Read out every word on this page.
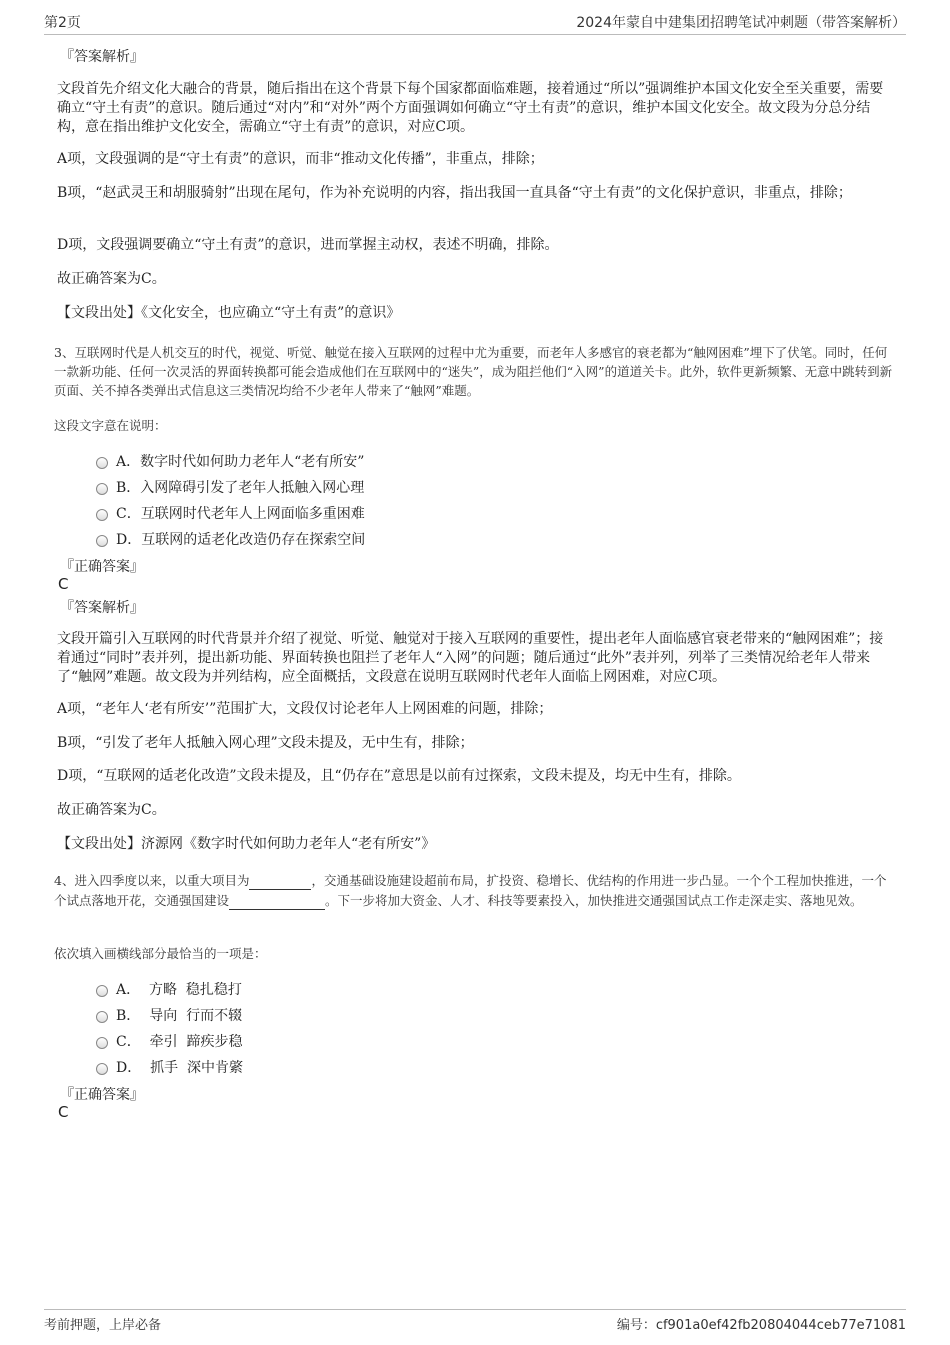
第2页	2024年蒙自中建集团招聘笔试冲刺题（带答案解析）
『答案解析』
文段首先介绍文化大融合的背景，随后指出在这个背景下每个国家都面临难题，接着通过“所以”强调维护本国文化安全至关重要，需要确立“守土有责”的意识。随后通过“对内”和“对外”两个方面强调如何确立“守土有责”的意识，维护本国文化安全。故文段为分总分结构，意在指出维护文化安全，需确立“守土有责”的意识，对应C项。
A项，文段强调的是“守土有责”的意识，而非“推动文化传播”，非重点，排除；
B项，“赵武灵王和胡服骑射”出现在尾句，作为补充说明的内容，指出我国一直具备“守土有责”的文化保护意识，非重点，排除；
D项，文段强调要确立“守土有责”的意识，进而掌握主动权，表述不明确，排除。
故正确答案为C。
【文段出处】《文化安全，也应确立“守土有责”的意识》
3、互联网时代是人机交互的时代，视觉、听觉、触觉在接入互联网的过程中尤为重要，而老年人多感官的衰老都为“触网困难”埋下了伏笔。同时，任何一款新功能、任何一次灵活的界面转换都可能会造成他们在互联网中的“迷失”，成为阻拦他们“入网”的道道关卡。此外，软件更新频繁、无意中跳转到新页面、关不掉各类弹出式信息这三类情况均给不少老年人带来了“触网”难题。
这段文字意在说明：
A．数字时代如何助力老年人“老有所安”
B．入网障碍引发了老年人抵触入网心理
C．互联网时代老年人上网面临多重困难
D．互联网的适老化改造仍存在探索空间
『正确答案』
C
『答案解析』
文段开篇引入互联网的时代背景并介绍了视觉、听觉、触觉对于接入互联网的重要性，提出老年人面临感官衰老带来的“触网困难”；接着通过“同时”表并列，提出新功能、界面转换也阻拦了老年人“入网”的问题；随后通过“此外”表并列，列举了三类情况给老年人带来了“触网”难题。故文段为并列结构，应全面概括，文段意在说明互联网时代老年人面临上网困难，对应C项。
A项，“老年人‘老有所安’”范围扩大，文段仅讨论老年人上网困难的问题，排除；
B项，“引发了老年人抵触入网心理”文段未提及，无中生有，排除；
D项，“互联网的适老化改造”文段未提及，且“仍存在”意思是以前有过探索，文段未提及，均无中生有，排除。
故正确答案为C。
【文段出处】济源网《数字时代如何助力老年人“老有所安”》
4、进入四季度以来，以重大项目为	，交通基础设施建设超前布局，扩投资、稳增长、优结构的作用进一步凸显。一个个工程加快推进，一个个试点落地开花，交通强国建设	。下一步将加大资金、人才、科技等要素投入，加快推进交通强国试点工作走深走实、落地见效。
依次填入画横线部分最恰当的一项是：
A．  方略  稳扎稳打
B．  导向  行而不辍
C．  牵引  蹄疾步稳
D．  抓手  深中肯綮
『正确答案』
C
考前押题，上岸必备	编号：cf901a0ef42fb20804044ceb77e71081
